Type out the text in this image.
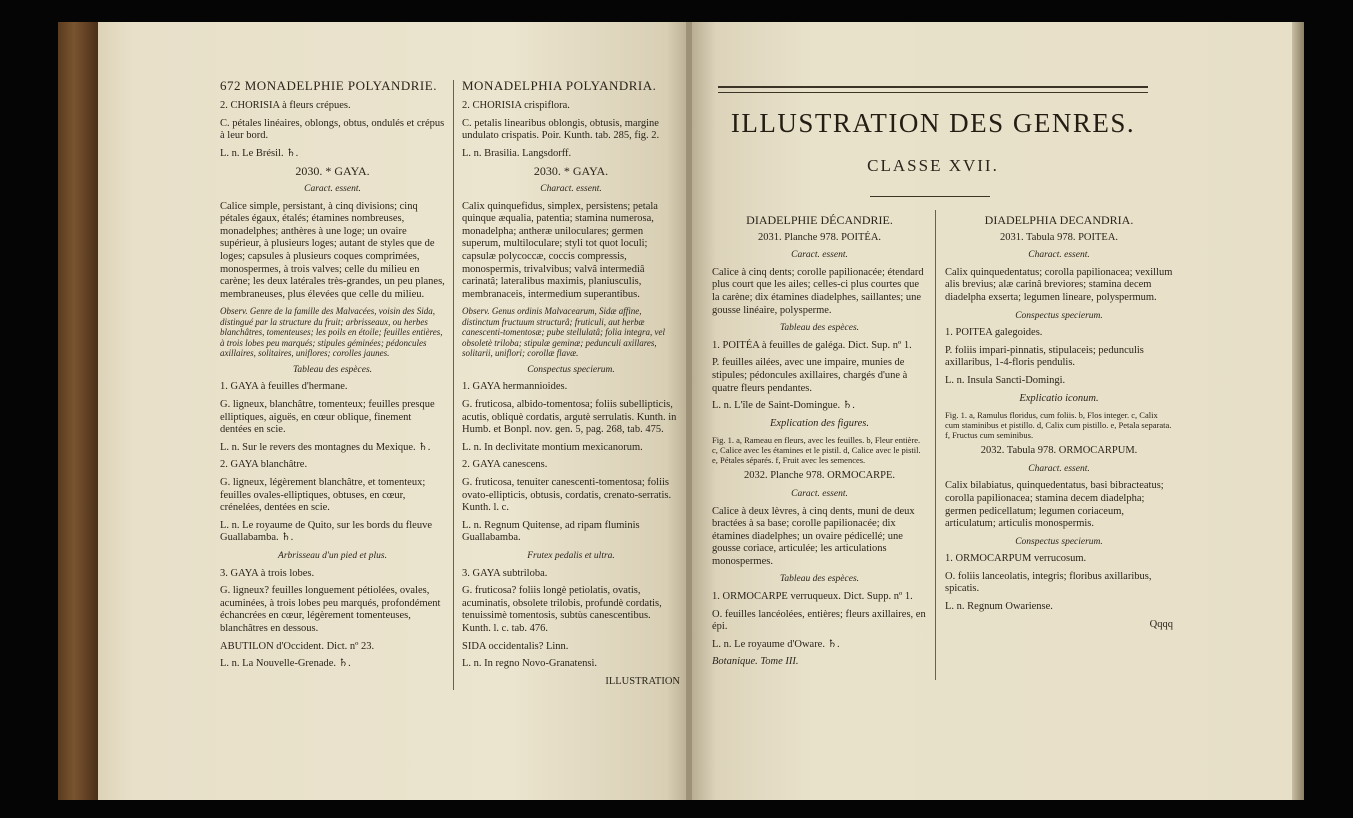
672 MONADELPHIE POLYANDRIE. MONADELPHIA POLYANDRIA.

2. CHORISIA à fleurs crépues.

C. pétales linéaires, oblongs, obtus, ondulés et crépus à leur bord.

L. n. Le Brésil. ♄.

2030. * GAYA.

Caract. essent.

Calice simple, persistant, à cinq divisions; cinq pétales égaux, étalés; étamines nombreuses, monadelphes; anthères à une loge; un ovaire supérieur, à plusieurs loges; autant de styles que de loges; capsules à plusieurs coques comprimées, monospermes, à trois valves; celle du milieu en carène; les deux latérales très-grandes, un peu planes, membraneuses, plus élevées que celle du milieu.

Observ. Genre de la famille des Malvacées, voisin des Sida, distingué par la structure du fruit; arbrisseaux, ou herbes blanchâtres, tomenteuses; les poils en étoile; feuilles entières, à trois lobes peu marqués; stipules géminées; pédoncules axillaires, solitaires, uniflores; corolles jaunes.

Tableau des espèces.

1. GAYA à feuilles d'hermane.

G. ligneux, blanchâtre, tomenteux; feuilles presque elliptiques, aiguës, en cœur oblique, finement dentées en scie.

L. n. Sur le revers des montagnes du Mexique. ♄.

2. GAYA blanchâtre.

G. ligneux, légèrement blanchâtre, et tomenteux; feuilles ovales-elliptiques, obtuses, en cœur, crénelées, dentées en scie.

L. n. Le royaume de Quito, sur les bords du fleuve Guallabamba. ♄.

Arbrisseau d'un pied et plus.

3. GAYA à trois lobes.

G. ligneux? feuilles longuement pétiolées, ovales, acuminées, à trois lobes peu marqués, profondément échancrées en cœur, légèrement tomenteuses, blanchâtres en dessous.

ABUTILON d'Occident. Dict. nº 23.

L. n. La Nouvelle-Grenade. ♄.

2. CHORISIA crispiflora.

C. petalis linearibus oblongis, obtusis, margine undulato crispatis. Poir. Kunth. tab. 285, fig. 2.

L. n. Brasilia. Langsdorff.

2030. * GAYA.

Charact. essent.

Calix quinquefidus, simplex, persistens; petala quinque æqualia, patentia; stamina numerosa, monadelpha; antheræ uniloculares; germen superum, multiloculare; styli tot quot loculi; capsulæ polycoccæ, coccis compressis, monospermis, trivalvibus; valvâ intermediâ carinatâ; lateralibus maximis, planiusculis, membranaceis, intermedium superantibus.

Observ. Genus ordinis Malvacearum, Sidæ affine, distinctum fructuum structurâ; fruticuli, aut herbæ canescenti-tomentosæ; pube stellulatâ; folia integra, vel obsoletè triloba; stipulæ geminæ; pedunculi axillares, solitarii, uniflori; corollæ flavæ.

Conspectus specierum.

1. GAYA hermannioides.

G. fruticosa, albido-tomentosa; foliis subellipticis, acutis, obliquè cordatis, argutè serrulatis. Kunth. in Humb. et Bonpl. nov. gen. 5, pag. 268, tab. 475.

L. n. In declivitate montium mexicanorum.

2. GAYA canescens.

G. fruticosa, tenuiter canescenti-tomentosa; foliis ovato-ellipticis, obtusis, cordatis, crenato-serratis. Kunth. l. c.

L. n. Regnum Quitense, ad ripam fluminis Guallabamba.

Frutex pedalis et ultra.

3. GAYA subtriloba.

G. fruticosa? foliis longè petiolatis, ovatis, acuminatis, obsolete trilobis, profundè cordatis, tenuissimè tomentosis, subtùs canescentibus. Kunth. l. c. tab. 476.

SIDA occidentalis? Linn.

L. n. In regno Novo-Granatensi.

ILLUSTRATION

ILLUSTRATION DES GENRES.
CLASSE XVII.

DIADELPHIE DÉCANDRIE.

2031. Planche 978. POITÉA.

Caract. essent.

Calice à cinq dents; corolle papilionacée; étendard plus court que les ailes; celles-ci plus courtes que la carène; dix étamines diadelphes, saillantes; une gousse linéaire, polysperme.

Tableau des espèces.

1. POITÉA à feuilles de galéga. Dict. Sup. nº 1.

P. feuilles ailées, avec une impaire, munies de stipules; pédoncules axillaires, chargés d'une à quatre fleurs pendantes.

L. n. L'île de Saint-Domingue. ♄.

Explication des figures.

Fig. 1. a, Rameau en fleurs, avec les feuilles. b, Fleur entière. c, Calice avec les étamines et le pistil. d, Calice avec le pistil. e, Pétales séparés. f, Fruit avec les semences.

2032. Planche 978. ORMOCARPE.

Caract. essent.

Calice à deux lèvres, à cinq dents, muni de deux bractées à sa base; corolle papilionacée; dix étamines diadelphes; un ovaire pédicellé; une gousse coriace, articulée; les articulations monospermes.

Tableau des espèces.

1. ORMOCARPE verruqueux. Dict. Supp. nº 1.

O. feuilles lancéolées, entières; fleurs axillaires, en épi.

L. n. Le royaume d'Oware. ♄.

Botanique. Tome III.

DIADELPHIA DECANDRIA.

2031. Tabula 978. POITEA.

Charact. essent.

Calix quinquedentatus; corolla papilionacea; vexillum alis brevius; alæ carinâ breviores; stamina decem diadelpha exserta; legumen lineare, polyspermum.

Conspectus specierum.

1. POITEA galegoides.

P. foliis impari-pinnatis, stipulaceis; pedunculis axillaribus, 1-4-floris pendulis.

L. n. Insula Sancti-Domingi.

Explicatio iconum.

Fig. 1. a, Ramulus floridus, cum foliis. b, Flos integer. c, Calix cum staminibus et pistillo. d, Calix cum pistillo. e, Petala separata. f, Fructus cum seminibus.

2032. Tabula 978. ORMOCARPUM.

Charact. essent.

Calix bilabiatus, quinquedentatus, basi bibracteatus; corolla papilionacea; stamina decem diadelpha; germen pedicellatum; legumen coriaceum, articulatum; articulis monospermis.

Conspectus specierum.

1. ORMOCARPUM verrucosum.

O. foliis lanceolatis, integris; floribus axillaribus, spicatis.

L. n. Regnum Owariense.

Qqqq
